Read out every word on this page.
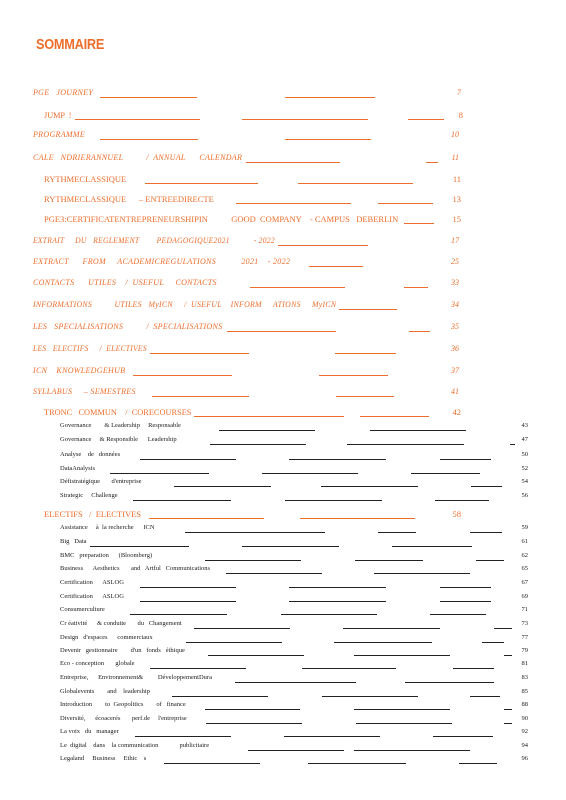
SOMMAIRE
PGE   JOURNEY	7
JUMP  !	8
PROGRAMME	10
CALE   NDRIERANNUEL          /  ANNUAL      CALENDAR	11
RYTHMECLASSIQUE	11
RYTHMECLASSIQUE      – ENTREEDIRECTE	13
PGE3:CERTIFICATENTREPRENEURSHIPIN           GOOD  COMPANY    - CAMPUS   DEBERLIN	15
EXTRAIT     DU   REGLEMENT        PEDAGOGIQUE2021           - 2022	17
EXTRACT      FROM     ACADEMICREGULATIONS           2021    - 2022	25
CONTACTS      UTILES    /  USEFUL     CONTACTS	33
INFORMATIONS          UTILES   MyICN     /  USEFUL    INFORM     ATIONS     MyICN	34
LES   SPECIALISATIONS          /  SPECIALISATIONS	35
LES   ELECTIFS     /  ELECTIVES	36
ICN    KNOWLEDGEHUB	37
SYLLABUS     – SEMESTRES	41
TRONC   COMMUN    /  CORECOURSES	42
Governance        & Leadership     Responsable	43
Governance     & Responsible      Leadership	47
Analyse    de   données	50
DataAnalysis	52
Défistratégique       d'entreprise	54
Strategic     Challenge	56
ELECTIFS   /  ELECTIVES	58
Assistance     à  la recherche      ICN	59
Big   Data	61
BMC   preparation      (Bloomberg)	62
Business      Aesthetics       and   Artful   Communications	65
Certification      ASLOG	67
Certification      ASLOG	69
Consumerculture	71
Cr éativité      & conduite       du   Changement	73
Design   d'espaces      commerciaux	77
Devenir   gestionnaire        d'un   fonds   éthique	79
Eco - conception       globale	81
Entreprise,      Environnement&         DéveloppementDura	83
Globalevents        and    leadership	85
Introduction        to  Geopolitics        of   finance	88
Diversité,      écoacerés       perf.de     l'entreprise	90
La voix   du   manager	92
Le  digital    dans    la communication             publicitaire	94
Legaland     Business     Ethic    s	96
